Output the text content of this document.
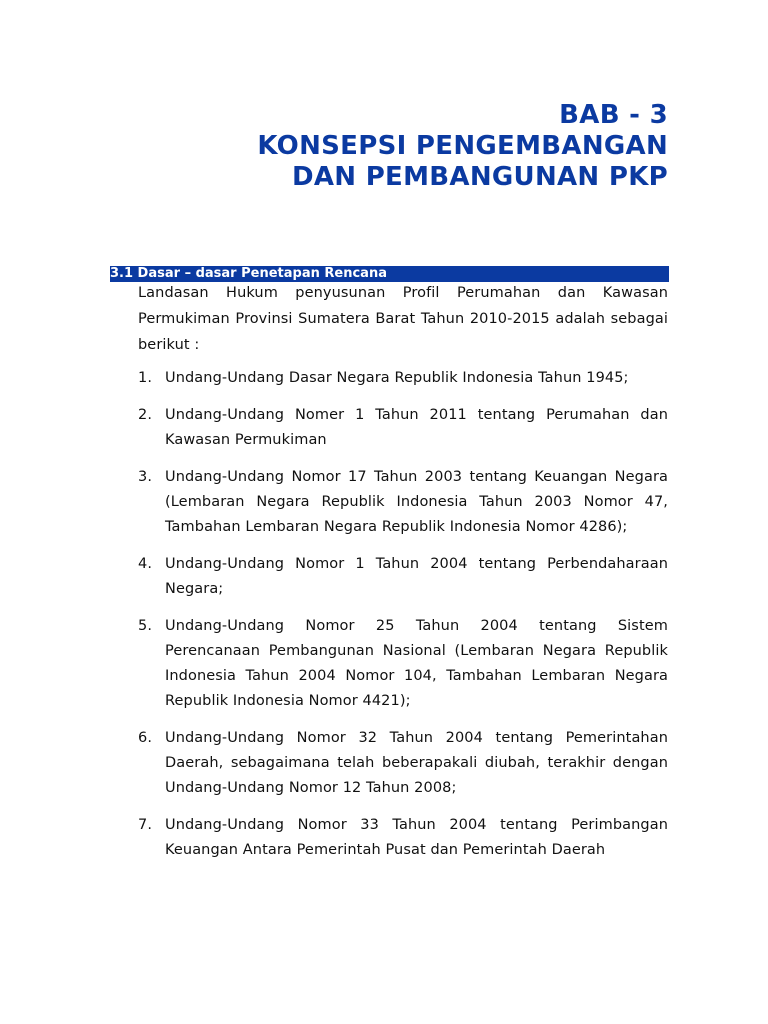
BAB - 3
KONSEPSI PENGEMBANGAN
DAN PEMBANGUNAN PKP
3.1 Dasar – dasar Penetapan Rencana
Landasan Hukum penyusunan Profil Perumahan dan Kawasan Permukiman Provinsi Sumatera Barat Tahun 2010-2015 adalah sebagai berikut :
1. Undang-Undang Dasar Negara Republik Indonesia Tahun 1945;
2. Undang-Undang Nomer 1 Tahun 2011 tentang Perumahan dan Kawasan Permukiman
3. Undang-Undang Nomor 17 Tahun 2003 tentang Keuangan Negara (Lembaran Negara Republik Indonesia Tahun 2003 Nomor 47, Tambahan Lembaran Negara Republik Indonesia Nomor 4286);
4. Undang-Undang Nomor 1 Tahun 2004 tentang Perbendaharaan Negara;
5. Undang-Undang Nomor 25 Tahun 2004 tentang Sistem Perencanaan Pembangunan Nasional (Lembaran Negara Republik Indonesia Tahun 2004 Nomor 104, Tambahan Lembaran Negara Republik Indonesia Nomor 4421);
6. Undang-Undang Nomor 32 Tahun 2004 tentang Pemerintahan Daerah, sebagaimana telah beberapakali diubah, terakhir dengan Undang-Undang Nomor 12 Tahun 2008;
7. Undang-Undang Nomor 33 Tahun 2004 tentang Perimbangan Keuangan Antara Pemerintah Pusat dan Pemerintah Daerah
